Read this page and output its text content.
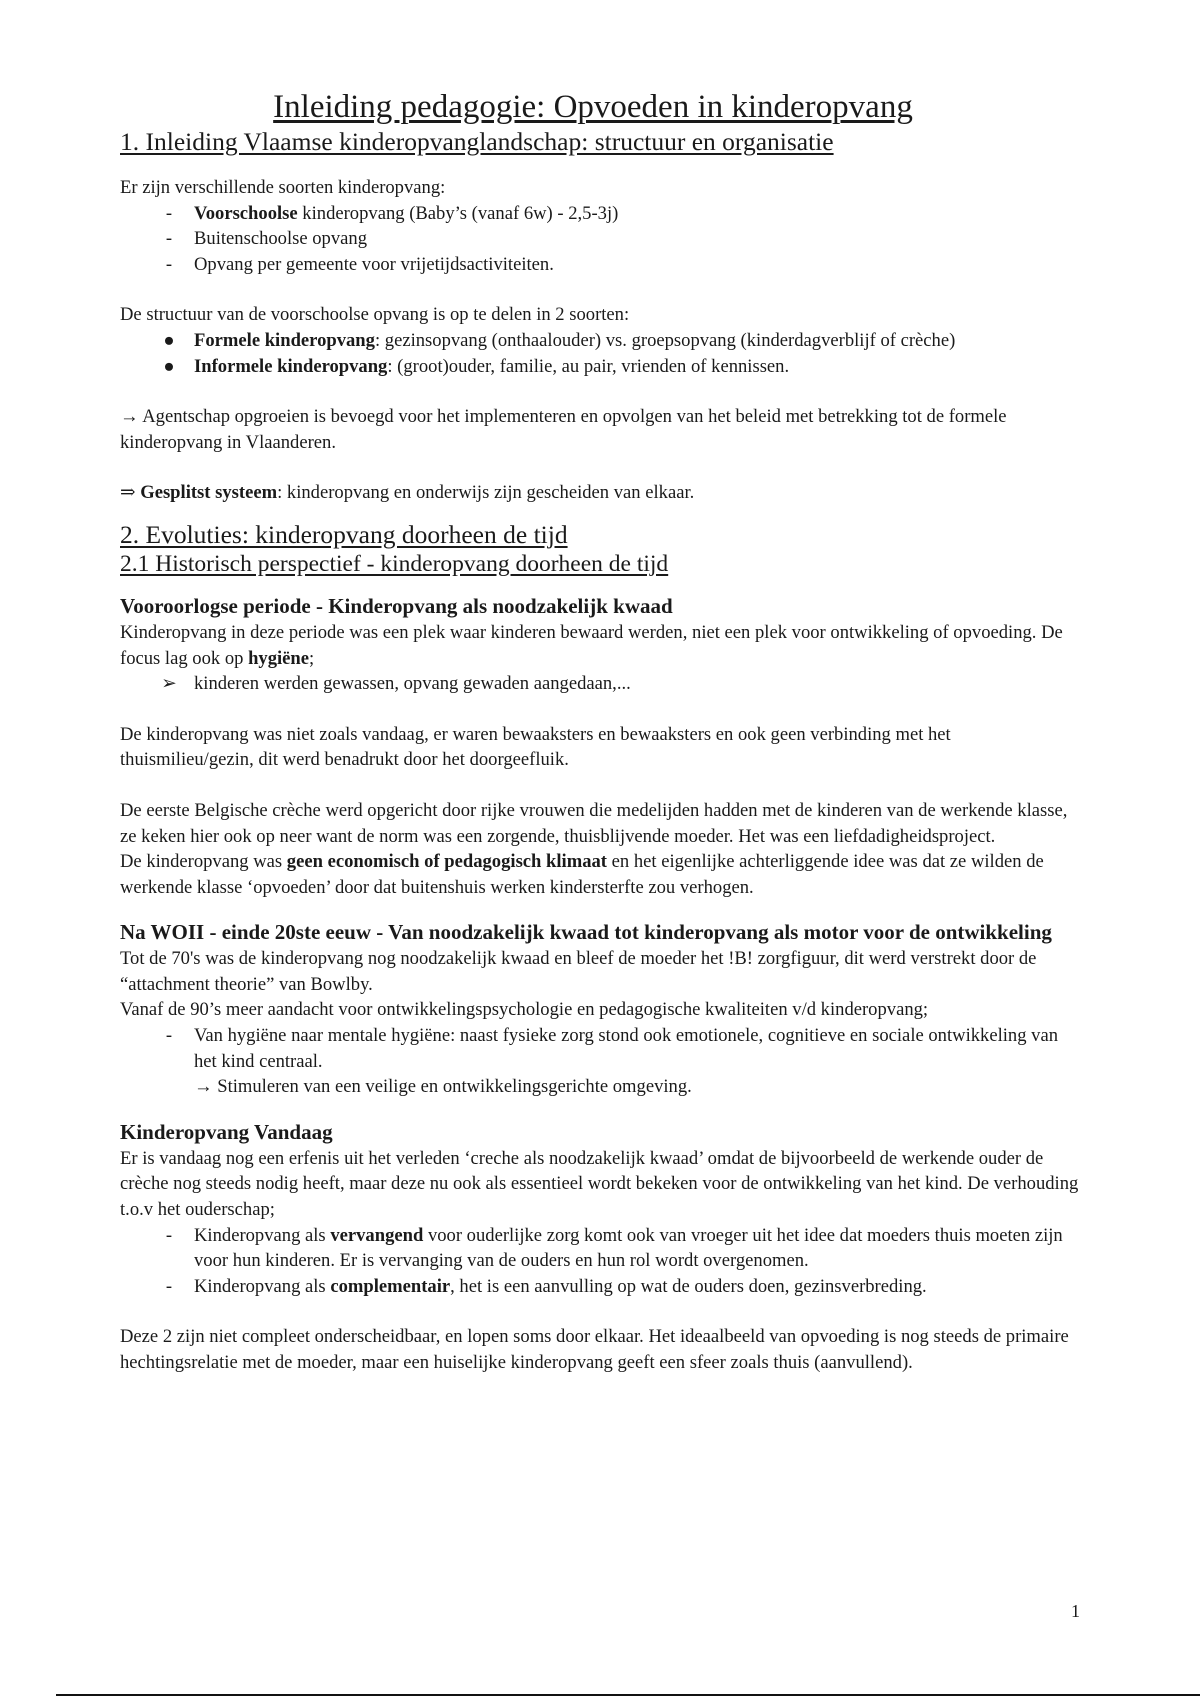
Inleiding pedagogie: Opvoeden in kinderopvang
1. Inleiding Vlaamse kinderopvanglandschap: structuur en organisatie

Er zijn verschillende soorten kinderopvang:

-	Voorschoolse kinderopvang (Baby’s (vanaf 6w) - 2,5-3j)
-	Buitenschoolse opvang
-	Opvang per gemeente voor vrijetijdsactiviteiten.

De structuur van de voorschoolse opvang is op te delen in 2 soorten:

●	Formele kinderopvang: gezinsopvang (onthaalouder) vs. groepsopvang (kinderdagverblijf of crèche)
●	Informele kinderopvang: (groot)ouder, familie, au pair, vrienden of kennissen.

→ Agentschap opgroeien is bevoegd voor het implementeren en opvolgen van het beleid met betrekking tot de formele kinderopvang in Vlaanderen.

⇒ Gesplitst systeem: kinderopvang en onderwijs zijn gescheiden van elkaar.

2. Evoluties: kinderopvang doorheen de tijd
2.1 Historisch perspectief - kinderopvang doorheen de tijd
Vooroorlogse periode - Kinderopvang als noodzakelijk kwaad

Kinderopvang in deze periode was een plek waar kinderen bewaard werden, niet een plek voor ontwikkeling of opvoeding. De focus lag ook op hygiëne;

➢ kinderen werden gewassen, opvang gewaden aangedaan,...

De kinderopvang was niet zoals vandaag, er waren bewaaksters en bewaaksters en ook geen verbinding met het thuismilieu/gezin, dit werd benadrukt door het doorgeefluik.

De eerste Belgische crèche werd opgericht door rijke vrouwen die medelijden hadden met de kinderen van de werkende klasse, ze keken hier ook op neer want de norm was een zorgende, thuisblijvende moeder. Het was een liefdadigheidsproject.

De kinderopvang was geen economisch of pedagogisch klimaat en het eigenlijke achterliggende idee was dat ze wilden de werkende klasse ‘opvoeden’ door dat buitenshuis werken kindersterfte zou verhogen.

Na WOII - einde 20ste eeuw - Van noodzakelijk kwaad tot kinderopvang als motor voor de ontwikkeling

Tot de 70's was de kinderopvang nog noodzakelijk kwaad en bleef de moeder het !B! zorgfiguur, dit werd verstrekt door de “attachment theorie” van Bowlby.

Vanaf de 90’s meer aandacht voor ontwikkelingspsychologie en pedagogische kwaliteiten v/d kinderopvang;

-	Van hygiëne naar mentale hygiëne: naast fysieke zorg stond ook emotionele, cognitieve en sociale ontwikkeling van het kind centraal.

→ Stimuleren van een veilige en ontwikkelingsgerichte omgeving.

Kinderopvang Vandaag

Er is vandaag nog een erfenis uit het verleden ‘creche als noodzakelijk kwaad’ omdat de bijvoorbeeld de werkende ouder de crèche nog steeds nodig heeft, maar deze nu ook als essentieel wordt bekeken voor de ontwikkeling van het kind. De verhouding t.o.v het ouderschap;

-	Kinderopvang als vervangend voor ouderlijke zorg komt ook van vroeger uit het idee dat moeders thuis moeten zijn voor hun kinderen. Er is vervanging van de ouders en hun rol wordt overgenomen.
-	Kinderopvang als complementair, het is een aanvulling op wat de ouders doen, gezinsverbreding.

Deze 2 zijn niet compleet onderscheidbaar, en lopen soms door elkaar. Het ideaalbeeld van opvoeding is nog steeds de primaire hechtingsrelatie met de moeder, maar een huiselijke kinderopvang geeft een sfeer zoals thuis (aanvullend).

1
